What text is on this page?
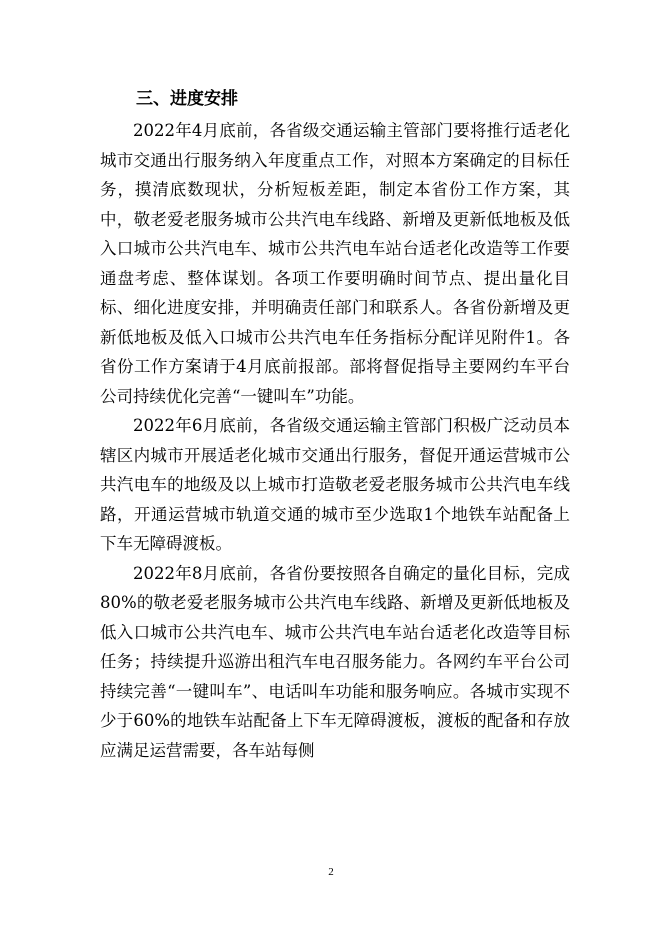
三、进度安排

2022年4月底前，各省级交通运输主管部门要将推行适老化城市交通出行服务纳入年度重点工作，对照本方案确定的目标任务，摸清底数现状，分析短板差距，制定本省份工作方案，其中，敬老爱老服务城市公共汽电车线路、新增及更新低地板及低入口城市公共汽电车、城市公共汽电车站台适老化改造等工作要通盘考虑、整体谋划。各项工作要明确时间节点、提出量化目标、细化进度安排，并明确责任部门和联系人。各省份新增及更新低地板及低入口城市公共汽电车任务指标分配详见附件1。各省份工作方案请于4月底前报部。部将督促指导主要网约车平台公司持续优化完善“一键叫车”功能。

2022年6月底前，各省级交通运输主管部门积极广泛动员本辖区内城市开展适老化城市交通出行服务，督促开通运营城市公共汽电车的地级及以上城市打造敬老爱老服务城市公共汽电车线路，开通运营城市轨道交通的城市至少选取1个地铁车站配备上下车无障碍渡板。

2022年8月底前，各省份要按照各自确定的量化目标，完成80%的敬老爱老服务城市公共汽电车线路、新增及更新低地板及低入口城市公共汽电车、城市公共汽电车站台适老化改造等目标任务；持续提升巡游出租汽车电召服务能力。各网约车平台公司持续完善“一键叫车”、电话叫车功能和服务响应。各城市实现不少于60%的地铁车站配备上下车无障碍渡板，渡板的配备和存放应满足运营需要，各车站每侧

2
